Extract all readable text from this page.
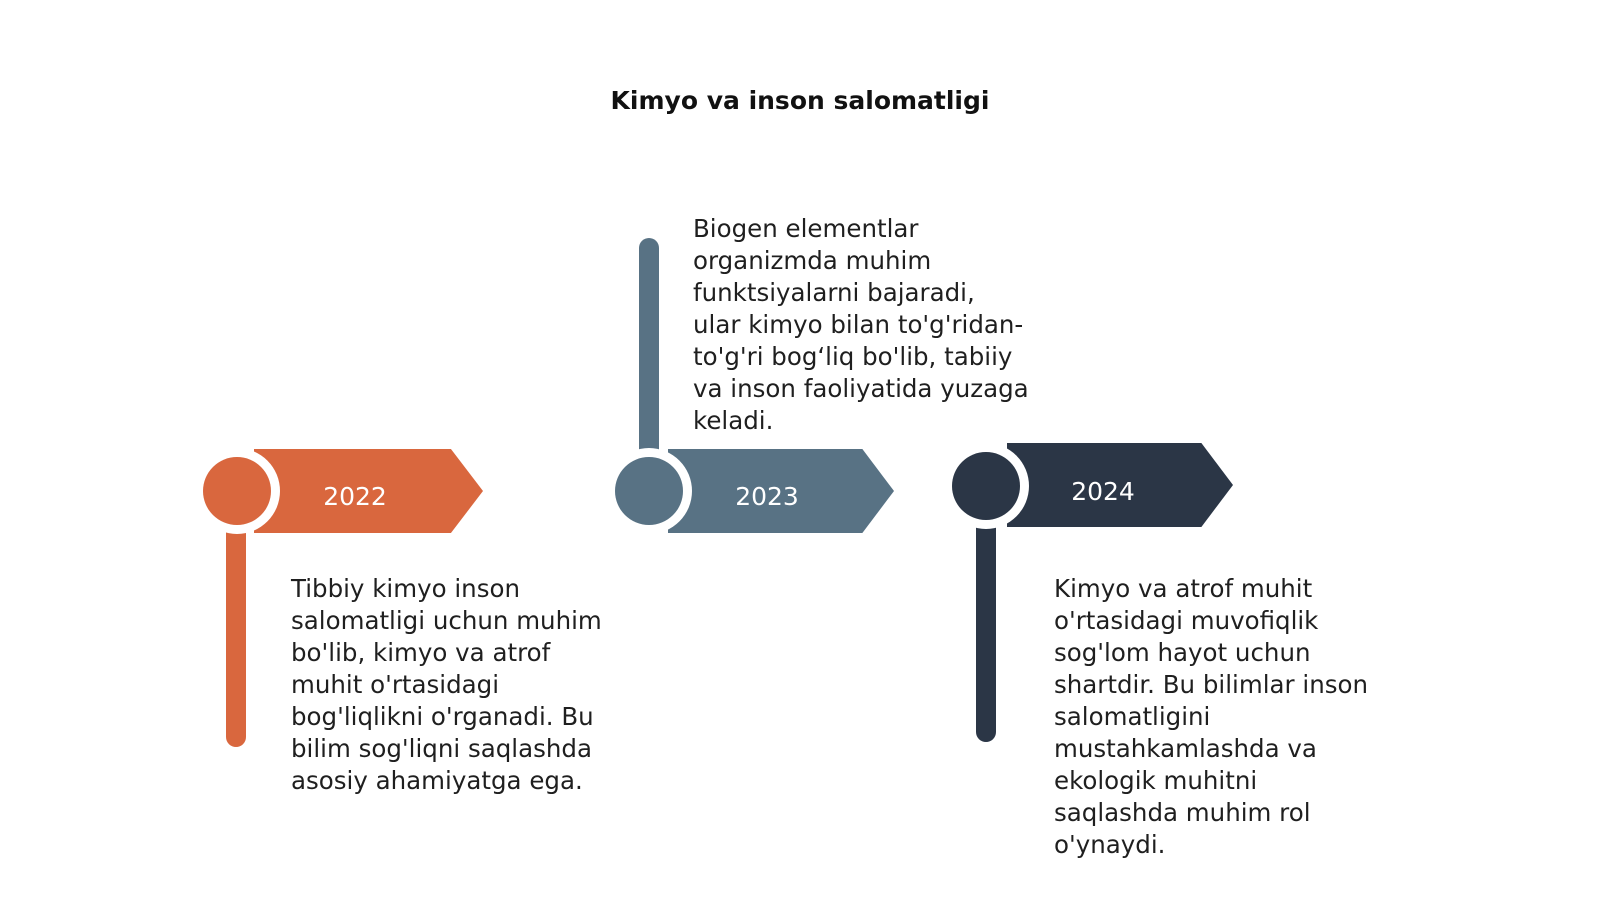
Kimyo va inson salomatligi
2022

Tibbiy kimyo inson
salomatligi uchun muhim
bo'lib, kimyo va atrof
muhit o'rtasidagi
bog'liqlikni o'rganadi. Bu
bilim sog'liqni saqlashda
asosiy ahamiyatga ega.

2023

Biogen elementlar
organizmda muhim
funktsiyalarni bajaradi,
ular kimyo bilan to'g'ridan-
to'g'ri bog‘liq bo'lib, tabiiy
va inson faoliyatida yuzaga
keladi.

2024

Kimyo va atrof muhit
o'rtasidagi muvofiqlik
sog'lom hayot uchun
shartdir. Bu bilimlar inson
salomatligini
mustahkamlashda va
ekologik muhitni
saqlashda muhim rol
o'ynaydi.
